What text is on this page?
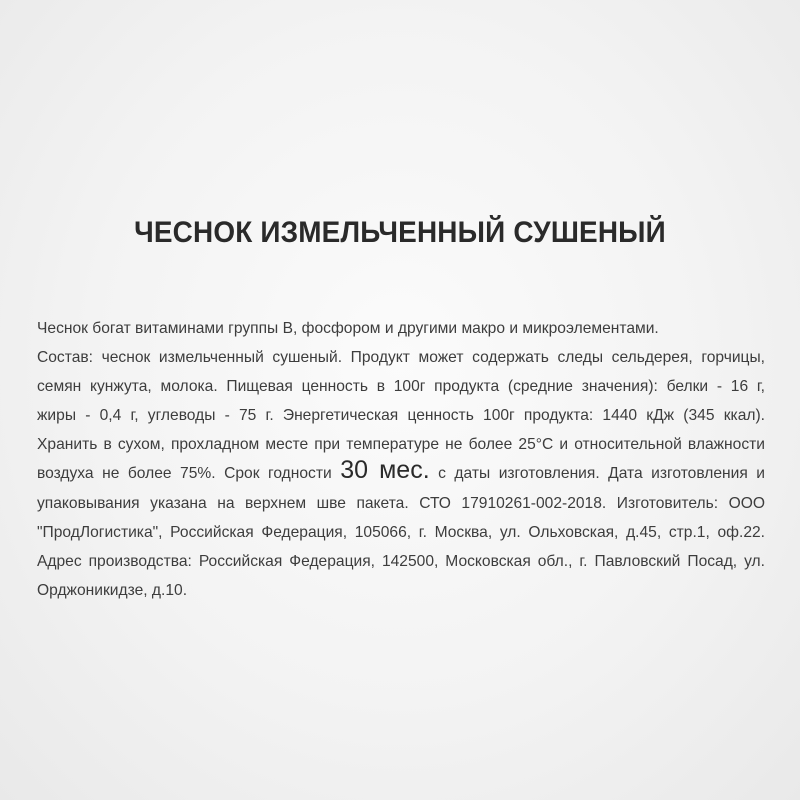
ЧЕСНОК ИЗМЕЛЬЧЕННЫЙ СУШЕНЫЙ
Чеснок богат витаминами группы В, фосфором и другими макро и микроэлементами.
Состав: чеснок измельченный сушеный. Продукт может содержать следы сельдерея, горчицы,
семян кунжута, молока. Пищевая ценность в 100г продукта (средние значения): белки - 16 г,
жиры - 0,4 г, углеводы - 75 г. Энергетическая ценность 100г продукта: 1440 кДж (345 ккал).
Хранить в сухом, прохладном месте при температуре не более 25°С и относительной влажности
воздуха не более 75%. Срок годности 30 мес. с даты изготовления. Дата изготовления и
упаковывания указана на верхнем шве пакета. СТО 17910261-002-2018. Изготовитель: ООО
"ПродЛогистика", Российская Федерация, 105066, г. Москва, ул. Ольховская, д.45, стр.1, оф.22.
Адрес производства: Российская Федерация, 142500, Московская обл., г. Павловский Посад, ул.
Орджоникидзе, д.10.
